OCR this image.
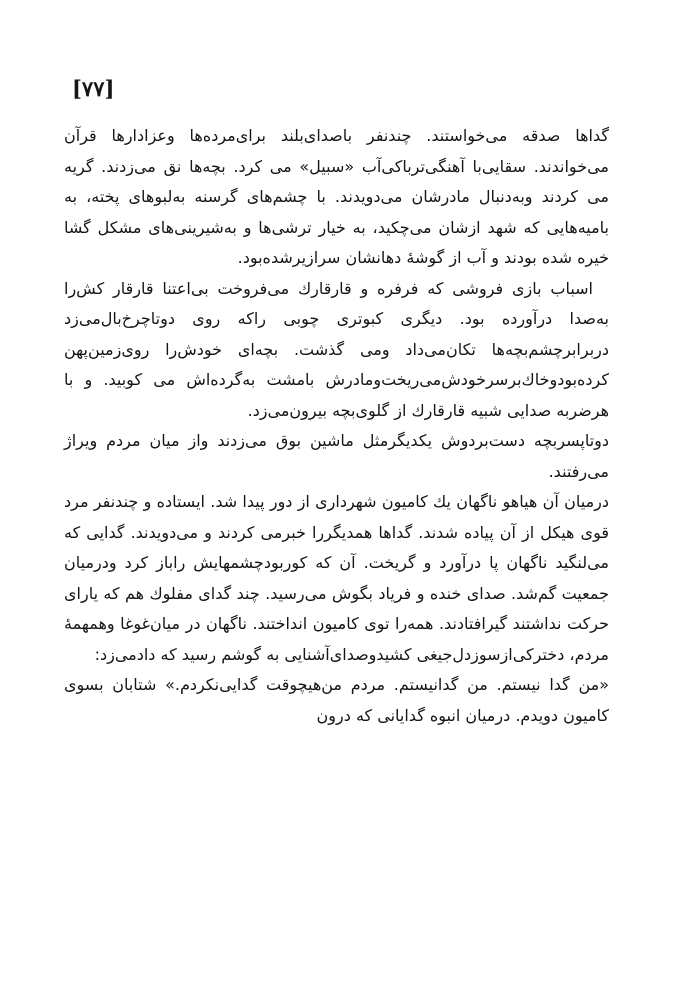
[۷۷]

گداها صدقه می‌خواستند. چندنفر باصدای‌بلند برای‌مرده‌ها وعزادارها قرآن می‌خواندند. سقایی‌با آهنگی‌ترباکی‌آب «سبیل» می کرد. بچه‌ها نق می‌زدند. گریه می کردند وبه‌دنبال مادرشان می‌دویدند. با چشم‌های گرسنه به‌لبوهای پخته، به بامیه‌هایی که شهد ازشان می‌چکید، به خیار ترشی‌ها و به‌شیرینی‌های مشکل گشا خیره شده بودند و آب از گوشهٔ دهانشان سرازیرشده‌بود.

اسباب بازی فروشی که فرفره و قارقارك می‌فروخت بی‌اعتنا قارقار کش‌را به‌صدا درآورده بود. دیگری کبوتری چوبی راکه روی دوتاچرخ‌بال‌می‌زد دربرابرچشم‌بچه‌ها تکان‌می‌داد ومی گذشت. بچه‌ای خودش‌را روی‌زمین‌پهن کرده‌بودوخاك‌برسرخودش‌می‌ریخت‌ومادرش بامشت به‌گرده‌اش می کوبید. و با هرضربه صدایی شبیه قارقارك از گلوی‌بچه بیرون‌می‌زد.

دوتاپسربچه دست‌بردوش یکدیگرمثل ماشین بوق می‌زدند واز میان مردم ویراژ می‌رفتند.

درمیان آن هیاهو ناگهان یك کامیون شهرداری از دور پیدا شد. ایستاده و چندنفر مرد قوی هیکل از آن پیاده شدند. گداها همدیگررا خبرمی کردند و می‌دویدند. گدایی که می‌لنگید ناگهان پا درآورد و گریخت. آن که کوربودچشمهایش راباز کرد ودرمیان جمعیت گم‌شد. صدای خنده و فریاد بگوش می‌رسید. چند گدای مفلوك هم که یارای حرکت نداشتند گیرافتادند. همه‌را توی کامیون انداختند. ناگهان در میان‌غوغا وهمهمهٔ مردم، دخترکی‌ازسوزدل‌جیغی کشیدوصدای‌آشنایی به گوشم رسید که دادمی‌زد:

«من گدا نیستم. من گدانیستم. مردم من‌هیچوقت گدایی‌نکردم.» شتابان بسوی کامیون دویدم. درمیان انبوه گدایانی که درون
